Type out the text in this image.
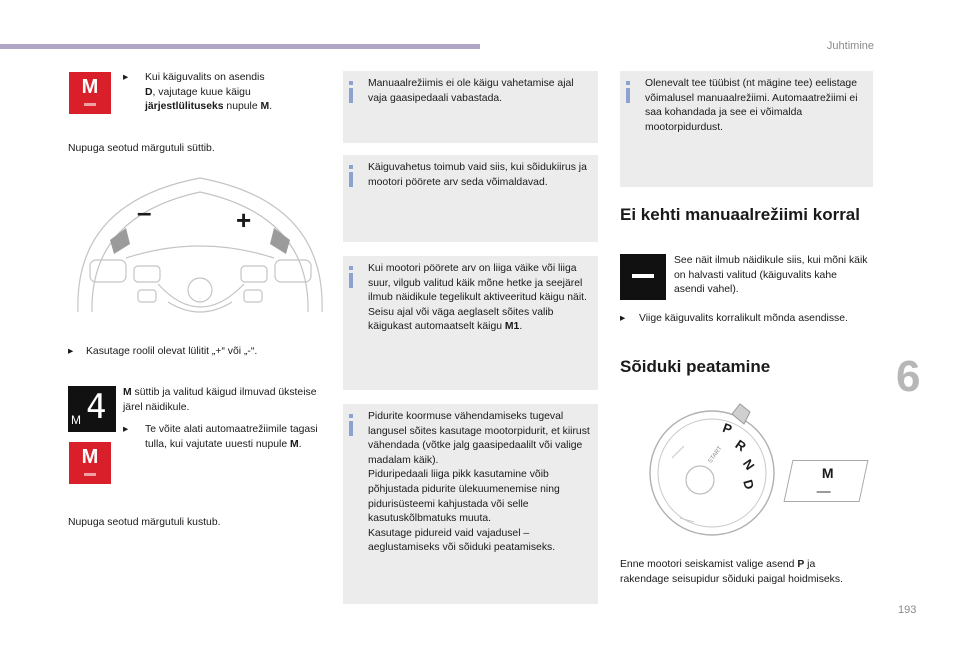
Juhtimine
6
193
M	▸ Kui käiguvalits on asendis
D, vajutage kuue käigu
järjestlülituseks nupule M.
Nupuga seotud märgutuli süttib.
–	+
▸ Kasutage roolil olevat lülitit „+“ või „-“.
4
M
M süttib ja valitud käigud ilmuvad üksteise järel näidikule.
M
▸ Te võite alati automaatrežiimile tagasi tulla, kui vajutate uuesti nupule M.
Nupuga seotud märgutuli kustub.
Manuaalrežiimis ei ole käigu vahetamise ajal vaja gaasipedaali vabastada.
Käiguvahetus toimub vaid siis, kui sõidukiirus ja mootori pöörete arv seda võimaldavad.
Kui mootori pöörete arv on liiga väike või liiga suur, vilgub valitud käik mõne hetke ja seejärel ilmub näidikule tegelikult aktiveeritud käigu näit.
Seisu ajal või väga aeglaselt sõites valib käigukast automaatselt käigu M1.
Pidurite koormuse vähendamiseks tugeval langusel sõites kasutage mootorpidurit, et kiirust vähendada (võtke jalg gaasipedaalilt või valige madalam käik).
Piduripedaali liiga pikk kasutamine võib põhjustada pidurite ülekuumenemise ning pidurisüsteemi kahjustada või selle kasutuskõlbmatuks muuta.
Kasutage pidureid vaid vajadusel – aeglustamiseks või sõiduki peatamiseks.
Olenevalt tee tüübist (nt mägine tee) eelistage võimalusel manuaalrežiimi. Automaatrežiimi ei saa kohandada ja see ei võimalda mootorpidurdust.
Ei kehti manuaalrežiimi korral
See näit ilmub näidikule siis, kui mõni käik on halvasti valitud (käiguvalits kahe asendi vahel).
▸ Viige käiguvalits korralikult mõnda asendisse.
Sõiduki peatamine
P
R
N
D
START
M
Enne mootori seiskamist valige asend P ja rakendage seisupidur sõiduki paigal hoidmiseks.
